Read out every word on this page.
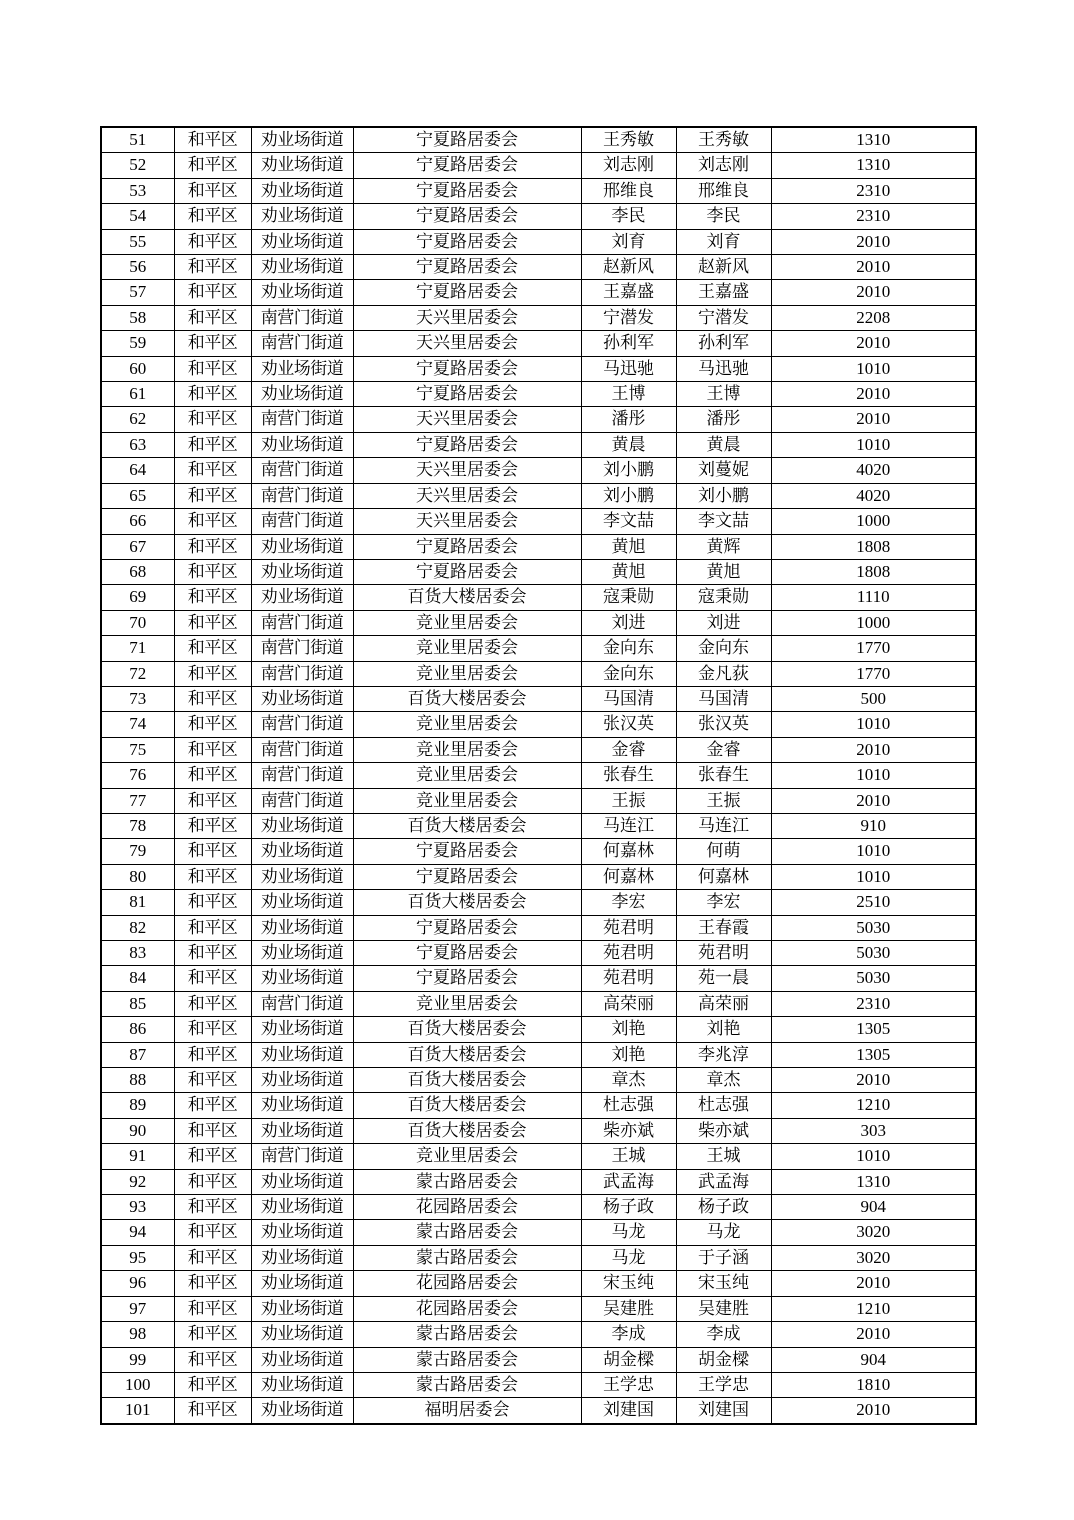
51	和平区	劝业场街道	宁夏路居委会	王秀敏	王秀敏	1310
52	和平区	劝业场街道	宁夏路居委会	刘志刚	刘志刚	1310
53	和平区	劝业场街道	宁夏路居委会	邢维良	邢维良	2310
54	和平区	劝业场街道	宁夏路居委会	李民	李民	2310
55	和平区	劝业场街道	宁夏路居委会	刘育	刘育	2010
56	和平区	劝业场街道	宁夏路居委会	赵新风	赵新风	2010
57	和平区	劝业场街道	宁夏路居委会	王嘉盛	王嘉盛	2010
58	和平区	南营门街道	天兴里居委会	宁潜发	宁潜发	2208
59	和平区	南营门街道	天兴里居委会	孙利军	孙利军	2010
60	和平区	劝业场街道	宁夏路居委会	马迅驰	马迅驰	1010
61	和平区	劝业场街道	宁夏路居委会	王博	王博	2010
62	和平区	南营门街道	天兴里居委会	潘彤	潘彤	2010
63	和平区	劝业场街道	宁夏路居委会	黄晨	黄晨	1010
64	和平区	南营门街道	天兴里居委会	刘小鹏	刘蔓妮	4020
65	和平区	南营门街道	天兴里居委会	刘小鹏	刘小鹏	4020
66	和平区	南营门街道	天兴里居委会	李文喆	李文喆	1000
67	和平区	劝业场街道	宁夏路居委会	黄旭	黄辉	1808
68	和平区	劝业场街道	宁夏路居委会	黄旭	黄旭	1808
69	和平区	劝业场街道	百货大楼居委会	寇秉勋	寇秉勋	1110
70	和平区	南营门街道	竞业里居委会	刘进	刘进	1000
71	和平区	南营门街道	竞业里居委会	金向东	金向东	1770
72	和平区	南营门街道	竞业里居委会	金向东	金凡荻	1770
73	和平区	劝业场街道	百货大楼居委会	马国清	马国清	500
74	和平区	南营门街道	竞业里居委会	张汉英	张汉英	1010
75	和平区	南营门街道	竞业里居委会	金睿	金睿	2010
76	和平区	南营门街道	竞业里居委会	张春生	张春生	1010
77	和平区	南营门街道	竞业里居委会	王振	王振	2010
78	和平区	劝业场街道	百货大楼居委会	马连江	马连江	910
79	和平区	劝业场街道	宁夏路居委会	何嘉林	何萌	1010
80	和平区	劝业场街道	宁夏路居委会	何嘉林	何嘉林	1010
81	和平区	劝业场街道	百货大楼居委会	李宏	李宏	2510
82	和平区	劝业场街道	宁夏路居委会	苑君明	王春霞	5030
83	和平区	劝业场街道	宁夏路居委会	苑君明	苑君明	5030
84	和平区	劝业场街道	宁夏路居委会	苑君明	苑一晨	5030
85	和平区	南营门街道	竞业里居委会	高荣丽	高荣丽	2310
86	和平区	劝业场街道	百货大楼居委会	刘艳	刘艳	1305
87	和平区	劝业场街道	百货大楼居委会	刘艳	李兆淳	1305
88	和平区	劝业场街道	百货大楼居委会	章杰	章杰	2010
89	和平区	劝业场街道	百货大楼居委会	杜志强	杜志强	1210
90	和平区	劝业场街道	百货大楼居委会	柴亦斌	柴亦斌	303
91	和平区	南营门街道	竞业里居委会	王城	王城	1010
92	和平区	劝业场街道	蒙古路居委会	武孟海	武孟海	1310
93	和平区	劝业场街道	花园路居委会	杨子政	杨子政	904
94	和平区	劝业场街道	蒙古路居委会	马龙	马龙	3020
95	和平区	劝业场街道	蒙古路居委会	马龙	于子涵	3020
96	和平区	劝业场街道	花园路居委会	宋玉纯	宋玉纯	2010
97	和平区	劝业场街道	花园路居委会	吴建胜	吴建胜	1210
98	和平区	劝业场街道	蒙古路居委会	李成	李成	2010
99	和平区	劝业场街道	蒙古路居委会	胡金樑	胡金樑	904
100	和平区	劝业场街道	蒙古路居委会	王学忠	王学忠	1810
101	和平区	劝业场街道	福明居委会	刘建国	刘建国	2010
